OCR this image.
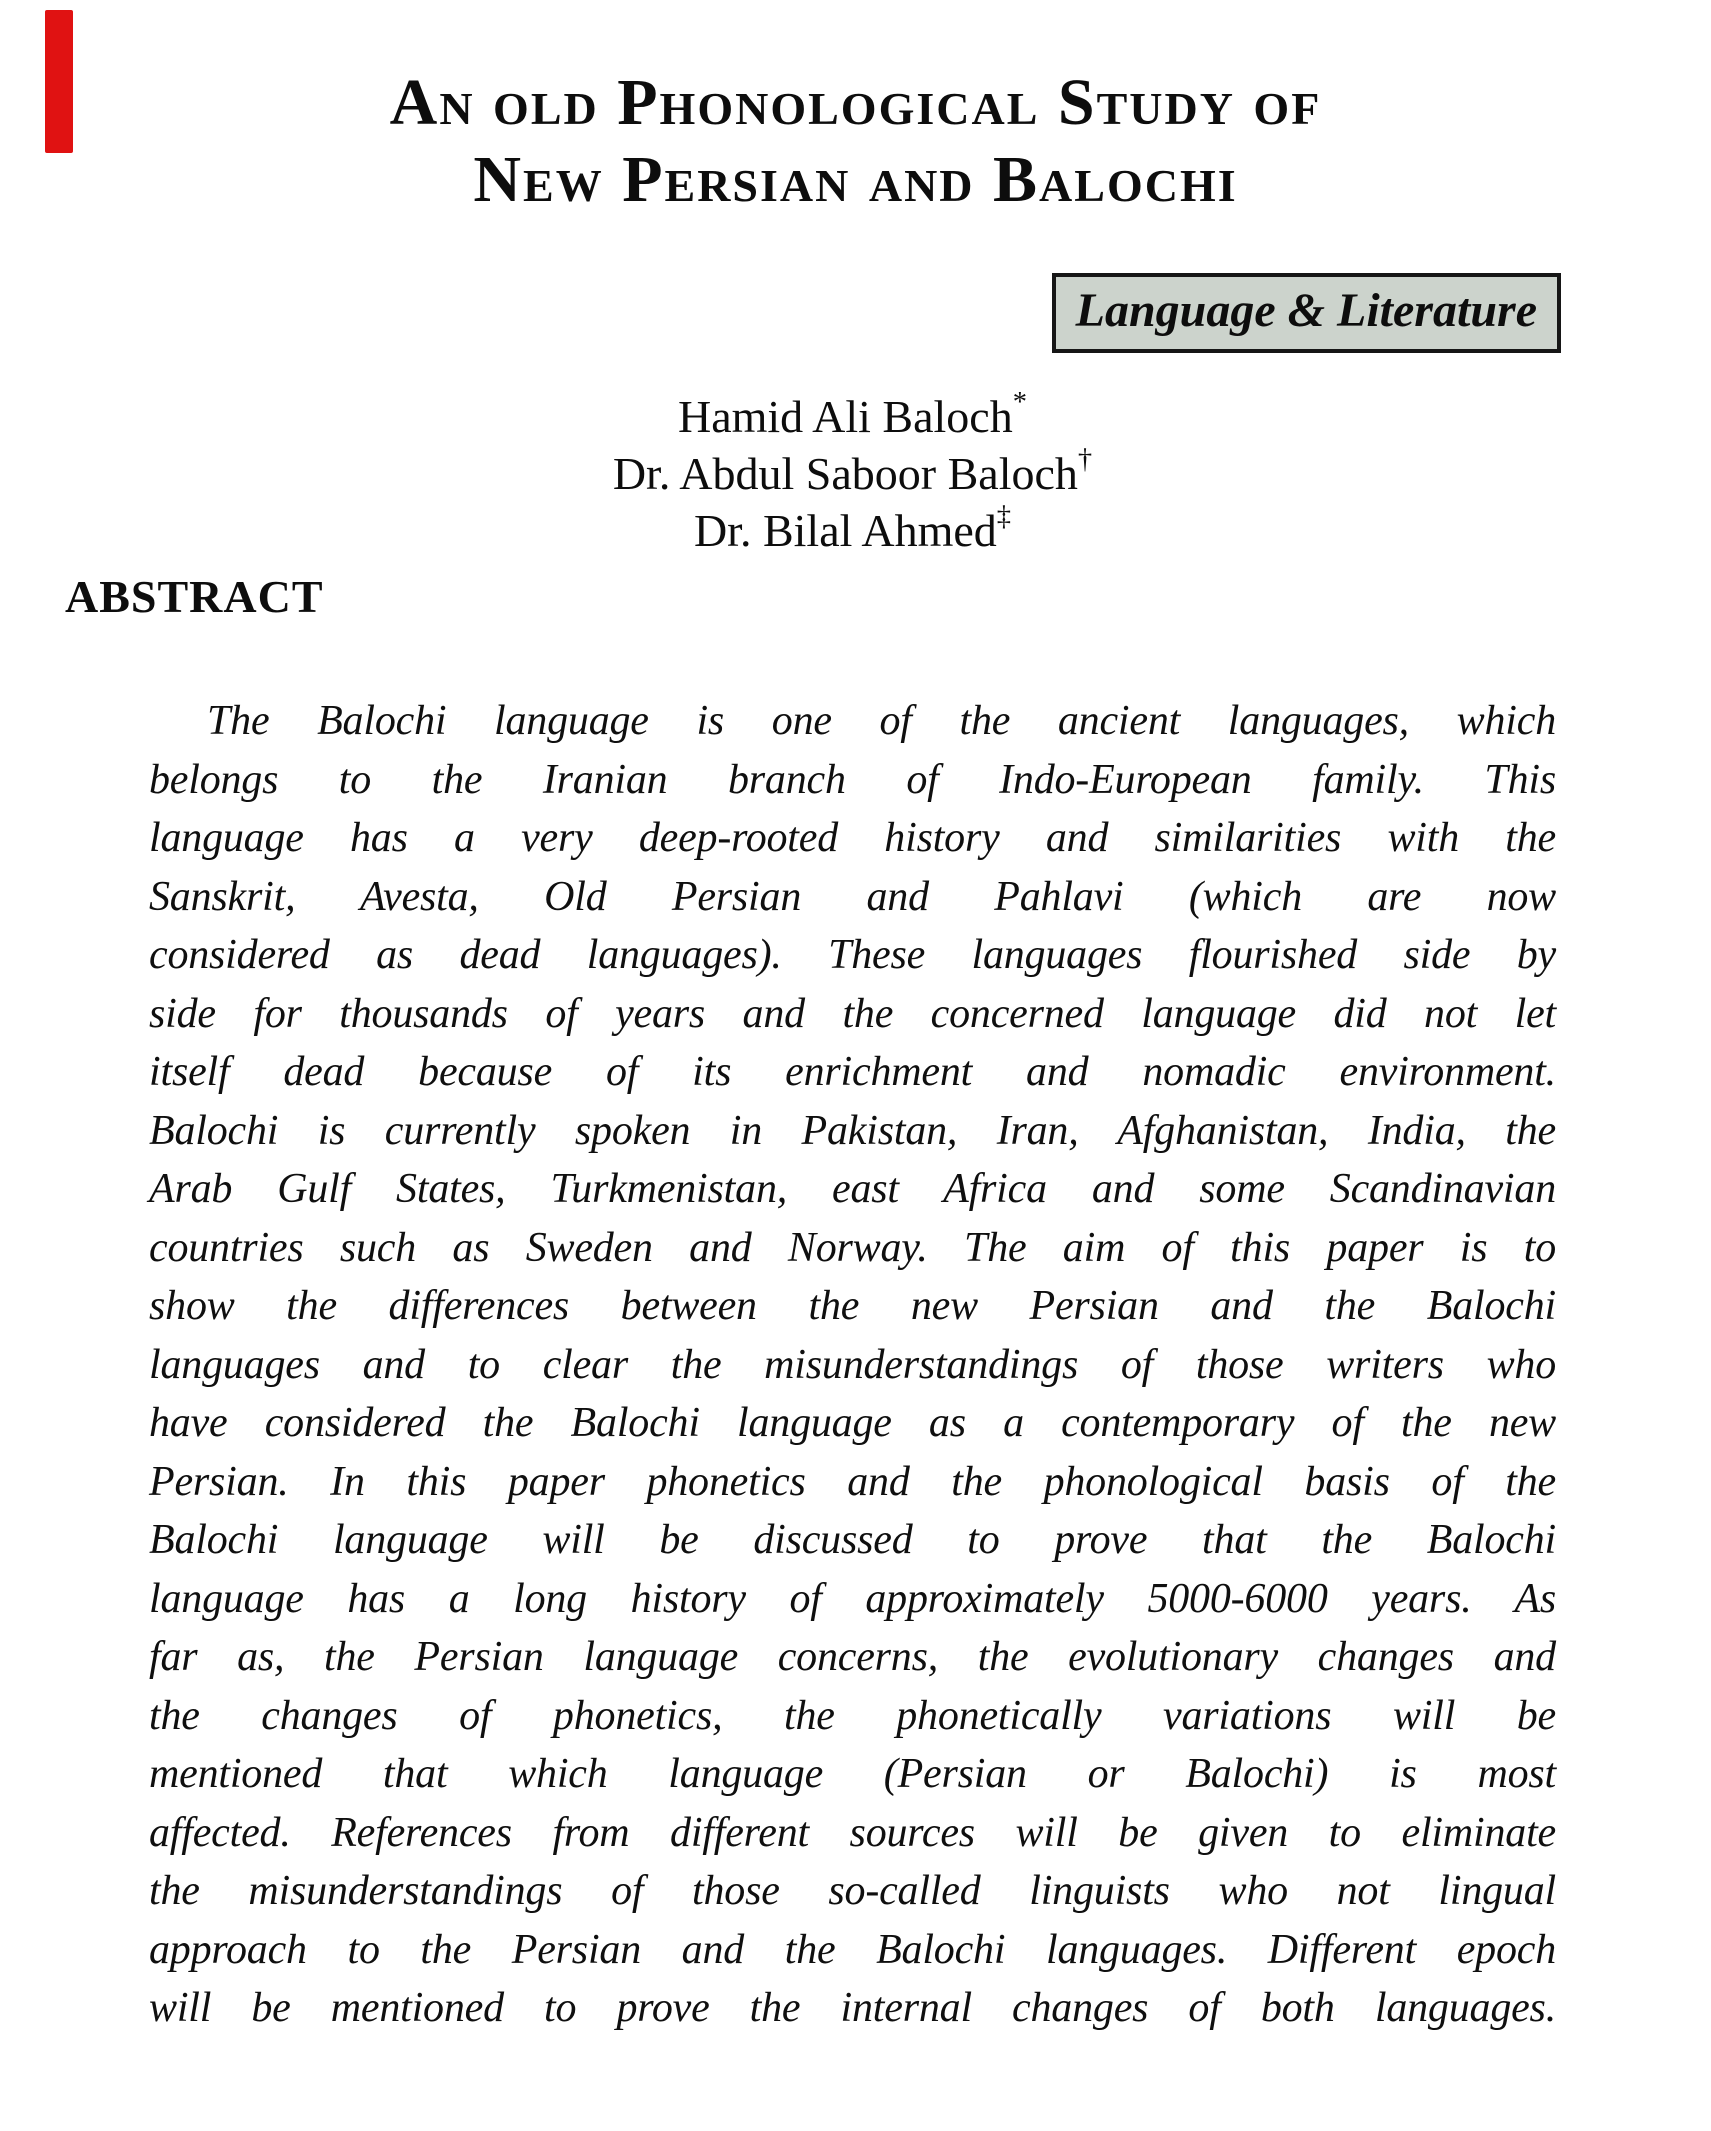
An old Phonological Study of
New Persian and Balochi
Language & Literature
Hamid Ali Baloch*
Dr. Abdul Saboor Baloch†
Dr. Bilal Ahmed‡
ABSTRACT
The Balochi language is one of the ancient languages, which
belongs to the Iranian branch of Indo-European family. This
language has a very deep-rooted history and similarities with the
Sanskrit, Avesta, Old Persian and Pahlavi (which are now
considered as dead languages). These languages flourished side by
side for thousands of years and the concerned language did not let
itself dead because of its enrichment and nomadic environment.
Balochi is currently spoken in Pakistan, Iran, Afghanistan, India, the
Arab Gulf States, Turkmenistan, east Africa and some Scandinavian
countries such as Sweden and Norway. The aim of this paper is to
show the differences between the new Persian and the Balochi
languages and to clear the misunderstandings of those writers who
have considered the Balochi language as a contemporary of the new
Persian. In this paper phonetics and the phonological basis of the
Balochi language will be discussed to prove that the Balochi
language has a long history of approximately 5000-6000 years. As
far as, the Persian language concerns, the evolutionary changes and
the changes of phonetics, the phonetically variations will be
mentioned that which language (Persian or Balochi) is most
affected. References from different sources will be given to eliminate
the misunderstandings of those so-called linguists who not lingual
approach to the Persian and the Balochi languages. Different epoch
will be mentioned to prove the internal changes of both languages.
